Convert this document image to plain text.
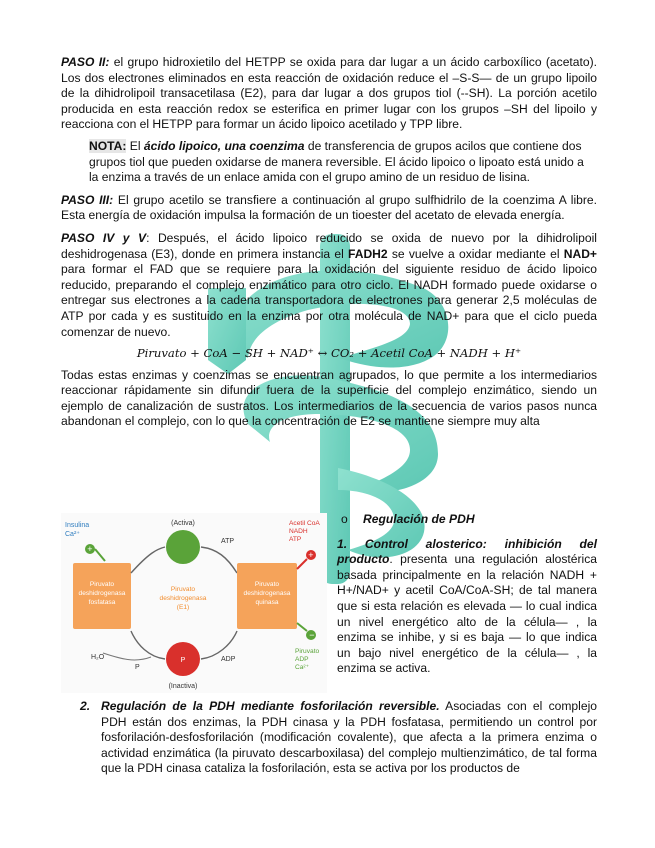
PASO II: el grupo hidroxietilo del HETPP se oxida para dar lugar a un ácido carboxílico (acetato). Los dos electrones eliminados en esta reacción de oxidación reduce el –S-S— de un grupo lipoilo de la dihidrolipoil transacetilasa (E2), para dar lugar a dos grupos tiol (--SH). La porción acetilo producida en esta reacción redox se esterifica en primer lugar con los grupos –SH del lipoilo y reacciona con el HETPP para formar un ácido lipoico acetilado y TPP libre.

NOTA: El ácido lipoico, una coenzima de transferencia de grupos acilos que contiene dos grupos tiol que pueden oxidarse de manera reversible. El ácido lipoico o lipoato está unido a la enzima a través de un enlace amida con el grupo amino de un residuo de lisina.

PASO III: El grupo acetilo se transfiere a continuación al grupo sulfhidrilo de la coenzima A libre. Esta energía de oxidación impulsa la formación de un tioester del acetato de elevada energía.

PASO IV y V: Después, el ácido lipoico reducido se oxida de nuevo por la dihidrolipoil deshidrogenasa (E3), donde en primera instancia el FADH2 se vuelve a oxidar mediante el NAD+ para formar el FAD que se requiere para la oxidación del siguiente residuo de ácido lipoico reducido, preparando el complejo enzimático para otro ciclo. El NADH formado puede oxidarse o entregar sus electrones a la cadena transportadora de electrones para generar 2,5 moléculas de ATP por cada y es sustituido en la enzima por otra molécula de NAD+ para que el ciclo pueda comenzar de nuevo.

Piruvato + CoA − SH + NAD⁺ ↔ CO₂ + Acetil CoA + NADH + H⁺

Todas estas enzimas y coenzimas se encuentran agrupados, lo que permite a los intermediarios reaccionar rápidamente sin difundir fuera de la superficie del complejo enzimático, siendo un ejemplo de canalización de sustratos. Los intermediarios de la secuencia de varios pasos nunca abandonan el complejo, con lo que la concentración de E2 se mantiene siempre muy alta

Insulina
Ca²⁺
+
Piruvato
deshidrogenasa
fosfatasa
H₂O
(Activa)
Piruvato
deshidrogenasa
(E1)
P
(Inactiva)
ATP
Piruvato
deshidrogenasa
quinasa
ADP
Acetil CoA
NADH
ATP
+
−
Piruvato
ADP
Ca²⁺
P
o Regulación de PDH

1. Control alosterico: inhibición del producto. presenta una regulación alostérica basada principalmente en la relación NADH + H+/NAD+ y acetil CoA/CoA-SH; de tal manera que si esta relación es elevada — lo cual indica un nivel energético alto de la célula— , la enzima se inhibe, y si es baja — lo que indica un bajo nivel energético de la célula— , la enzima se activa.

2. Regulación de la PDH mediante fosforilación reversible. Asociadas con el complejo PDH están dos enzimas, la PDH cinasa y la PDH fosfatasa, permitiendo un control por fosforilación-desfosforilación (modificación covalente), que afecta a la primera enzima o actividad enzimática (la piruvato descarboxilasa) del complejo multienzimático, de tal forma que la PDH cinasa cataliza la fosforilación, esta se activa por los productos de
